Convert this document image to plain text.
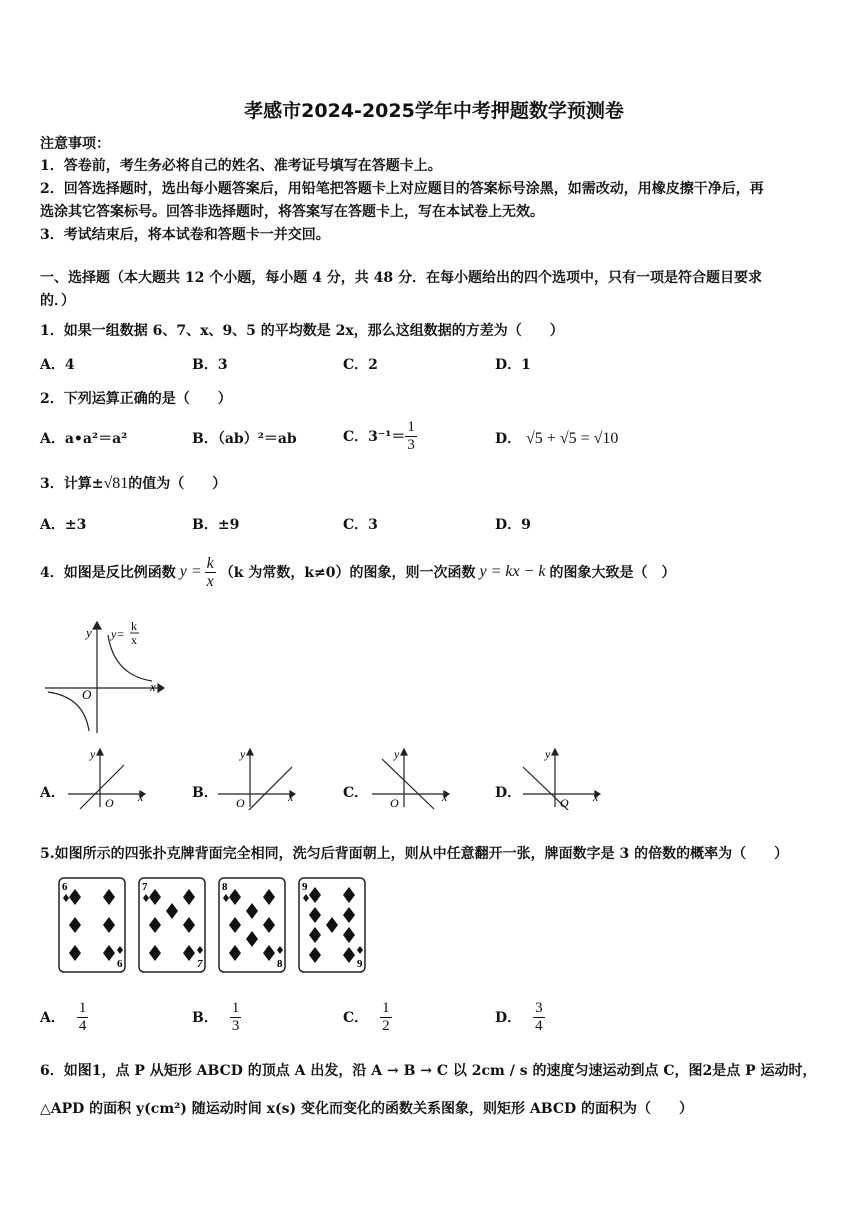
孝感市2024-2025学年中考押题数学预测卷
注意事项：
1．答卷前，考生务必将自己的姓名、准考证号填写在答题卡上。
2．回答选择题时，选出每小题答案后，用铅笔把答题卡上对应题目的答案标号涂黑，如需改动，用橡皮擦干净后，再
选涂其它答案标号。回答非选择题时，将答案写在答题卡上，写在本试卷上无效。
3．考试结束后，将本试卷和答题卡一并交回。
一、选择题（本大题共 12 个小题，每小题 4 分，共 48 分．在每小题给出的四个选项中，只有一项是符合题目要求
的．）
1．如果一组数据 6、7、x、9、5 的平均数是 2x，那么这组数据的方差为（　　）
A．4	B．3	C．2	D．1
2．下列运算正确的是（　　）
A．a•a²＝a²	B．（ab）²＝ab	C．$3^{-1}= \frac{1}{3}$	D． √5 + √5 = √10
3．计算±√81的值为（　　）
A．±3	B．±9	C．3	D．9
4．如图是反比例函数 $y = \frac{k}{x} (k$ 为常数，k≠0）的图象，则一次函数 y = kx − k 的图象大致是（　）
y
x
O
y=
k
x
A．	B．	C．	D．
y
x
O
y
x
O
y
x
O
y
x
O
5.如图所示的四张扑克牌背面完全相同，洗匀后背面朝上，则从中任意翻开一张，牌面数字是 3 的倍数的概率为（　　）
6
6
7
7
8
8
9
9
A． $\frac{1}{4}$	B． $\frac{1}{3}$	C． $\frac{1}{2}$	D． $\frac{3}{4}$
6．如图1，点 P 从矩形 ABCD 的顶点 A 出发，沿 A → B → C 以 2cm / s 的速度匀速运动到点 C，图2是点 P 运动时，
△APD 的面积 y(cm²) 随运动时间 x(s) 变化而变化的函数关系图象，则矩形 ABCD 的面积为（　　）
